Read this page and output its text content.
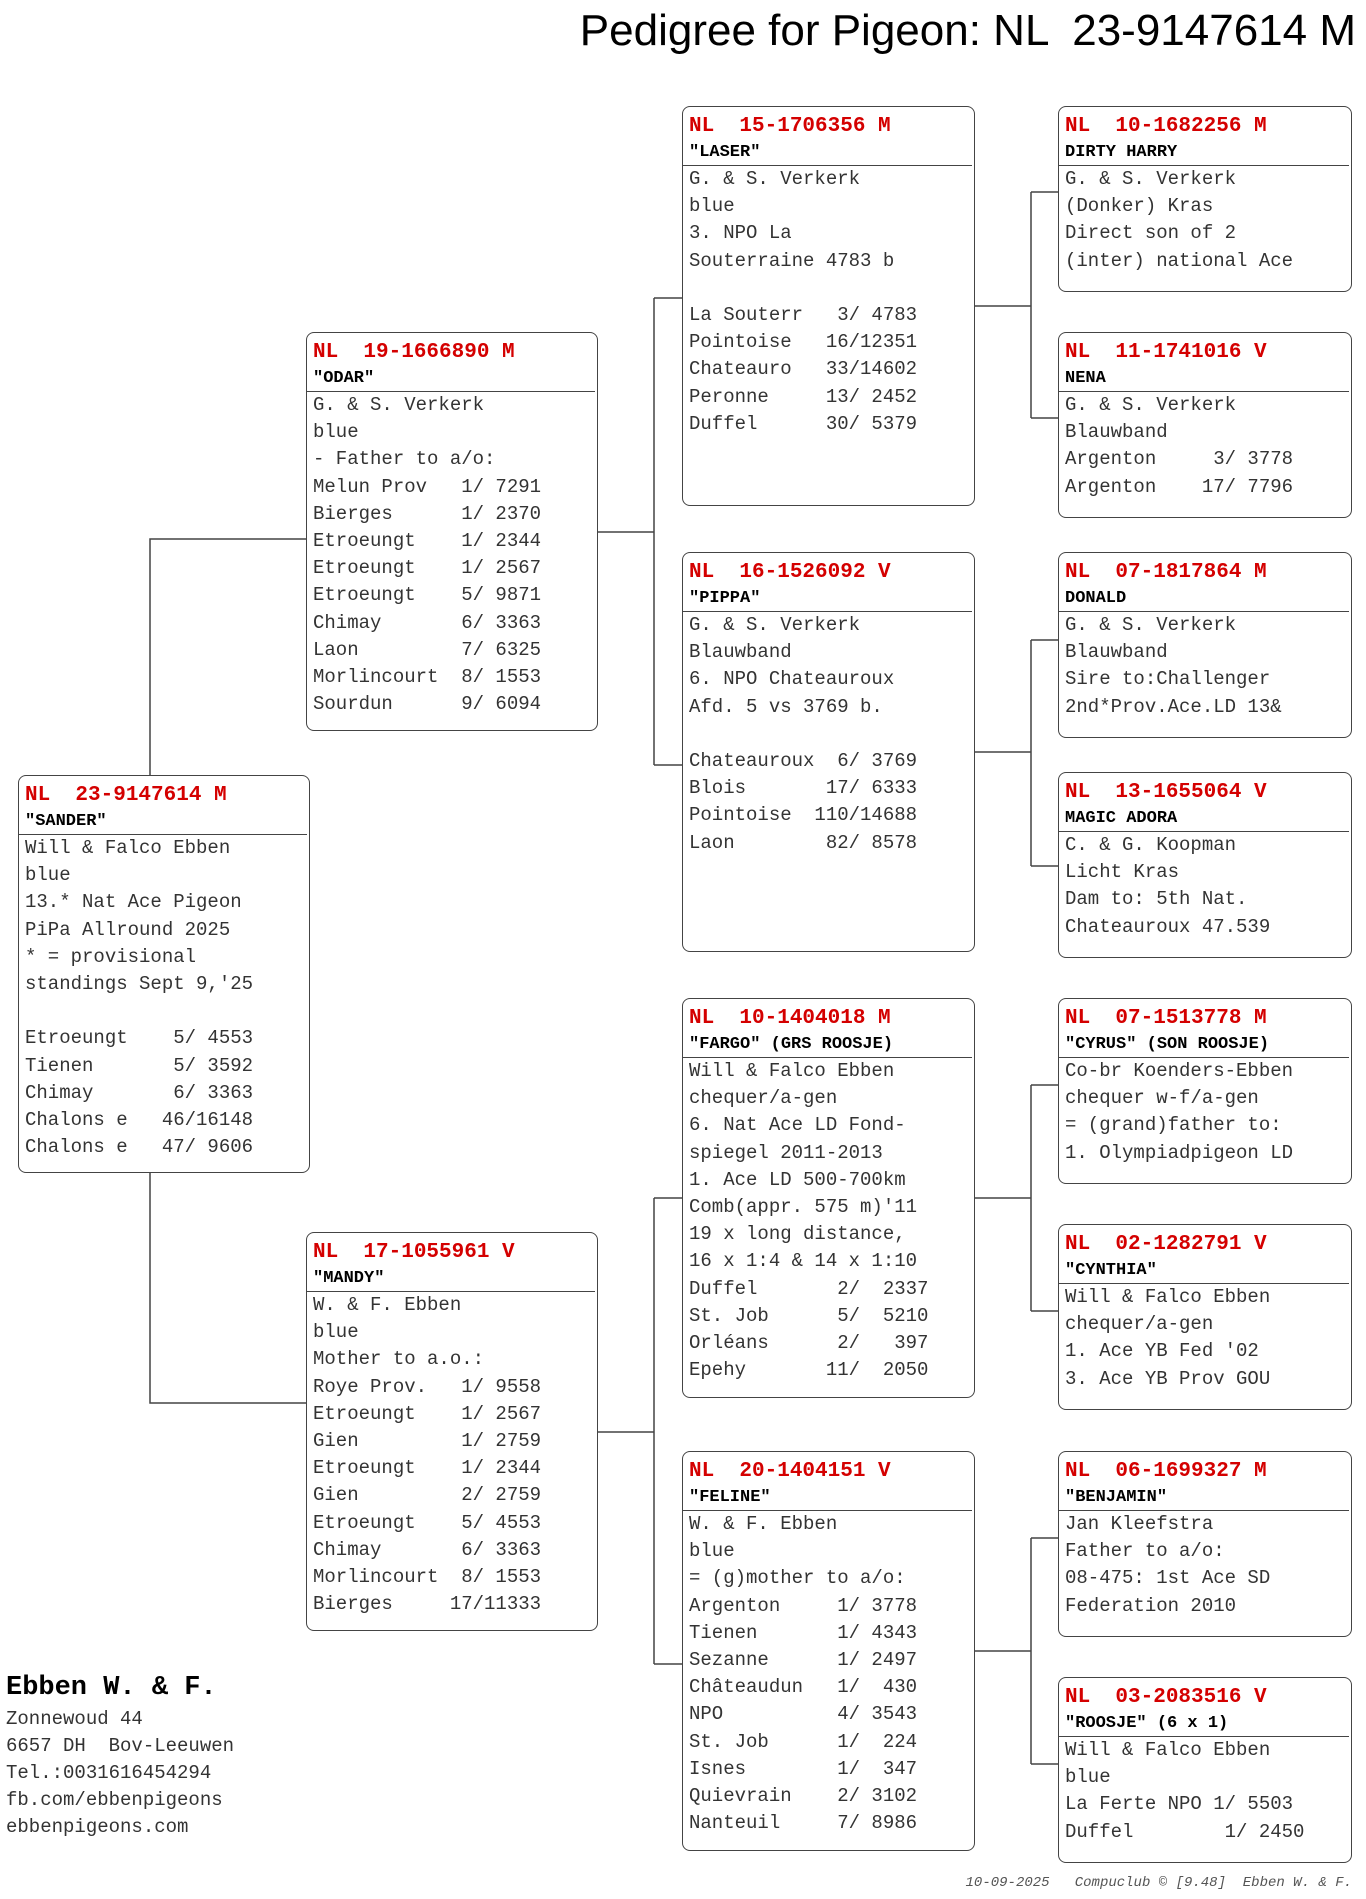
Pedigree for Pigeon: NL  23-9147614 M
NL  23-9147614 M
"SANDER"
Will & Falco Ebben
blue
13.* Nat Ace Pigeon
PiPa Allround 2025
* = provisional
standings Sept 9,'25
Etroeungt    5/ 4553
Tienen       5/ 3592
Chimay       6/ 3363
Chalons e   46/16148
Chalons e   47/ 9606
NL  19-1666890 M
"ODAR"
G. & S. Verkerk
blue
- Father to a/o:
Melun Prov   1/ 7291
Bierges      1/ 2370
Etroeungt    1/ 2344
Etroeungt    1/ 2567
Etroeungt    5/ 9871
Chimay       6/ 3363
Laon         7/ 6325
Morlincourt  8/ 1553
Sourdun      9/ 6094
NL  17-1055961 V
"MANDY"
W. & F. Ebben
blue
Mother to a.o.:
Roye Prov.   1/ 9558
Etroeungt    1/ 2567
Gien         1/ 2759
Etroeungt    1/ 2344
Gien         2/ 2759
Etroeungt    5/ 4553
Chimay       6/ 3363
Morlincourt  8/ 1553
Bierges     17/11333
NL  15-1706356 M
"LASER"
G. & S. Verkerk
blue
3. NPO La
Souterraine 4783 b
La Souterr   3/ 4783
Pointoise   16/12351
Chateauro   33/14602
Peronne     13/ 2452
Duffel      30/ 5379
NL  16-1526092 V
"PIPPA"
G. & S. Verkerk
Blauwband
6. NPO Chateauroux
Afd. 5 vs 3769 b.
Chateauroux  6/ 3769
Blois       17/ 6333
Pointoise  110/14688
Laon        82/ 8578
NL  10-1404018 M
"FARGO" (GRS ROOSJE)
Will & Falco Ebben
chequer/a-gen
6. Nat Ace LD Fond-
spiegel 2011-2013
1. Ace LD 500-700km
Comb(appr. 575 m)'11
19 x long distance,
16 x 1:4 & 14 x 1:10
Duffel       2/  2337
St. Job      5/  5210
Orléans      2/   397
Epehy       11/  2050
NL  20-1404151 V
"FELINE"
W. & F. Ebben
blue
= (g)mother to a/o:
Argenton     1/ 3778
Tienen       1/ 4343
Sezanne      1/ 2497
Châteaudun   1/  430
NPO          4/ 3543
St. Job      1/  224
Isnes        1/  347
Quievrain    2/ 3102
Nanteuil     7/ 8986
NL  10-1682256 M
DIRTY HARRY
G. & S. Verkerk
(Donker) Kras
Direct son of 2
(inter) national Ace
NL  11-1741016 V
NENA
G. & S. Verkerk
Blauwband
Argenton     3/ 3778
Argenton    17/ 7796
NL  07-1817864 M
DONALD
G. & S. Verkerk
Blauwband
Sire to:Challenger
2nd*Prov.Ace.LD 13&
NL  13-1655064 V
MAGIC ADORA
C. & G. Koopman
Licht Kras
Dam to: 5th Nat.
Chateauroux 47.539
NL  07-1513778 M
"CYRUS" (SON ROOSJE)
Co-br Koenders-Ebben
chequer w-f/a-gen
= (grand)father to:
1. Olympiadpigeon LD
NL  02-1282791 V
"CYNTHIA"
Will & Falco Ebben
chequer/a-gen
1. Ace YB Fed '02
3. Ace YB Prov GOU
NL  06-1699327 M
"BENJAMIN"
Jan Kleefstra
Father to a/o:
08-475: 1st Ace SD
Federation 2010
NL  03-2083516 V
"ROOSJE" (6 x 1)
Will & Falco Ebben
blue
La Ferte NPO 1/ 5503
Duffel        1/ 2450
Ebben W. & F.
Zonnewoud 44
6657 DH  Bov-Leeuwen
Tel.:0031616454294
fb.com/ebbenpigeons
ebbenpigeons.com
10-09-2025   Compuclub © [9.48]  Ebben W. & F.
